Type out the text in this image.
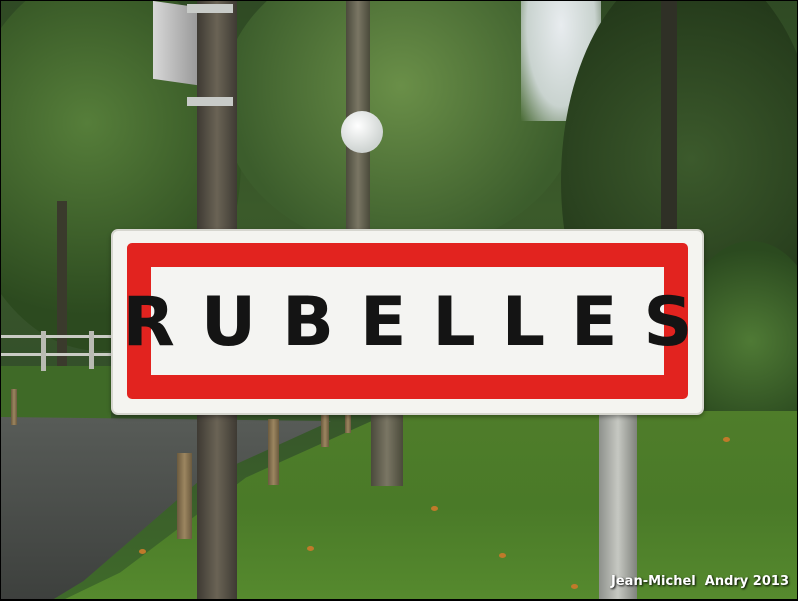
RUBELLES
Jean-Michel  Andry 2013
